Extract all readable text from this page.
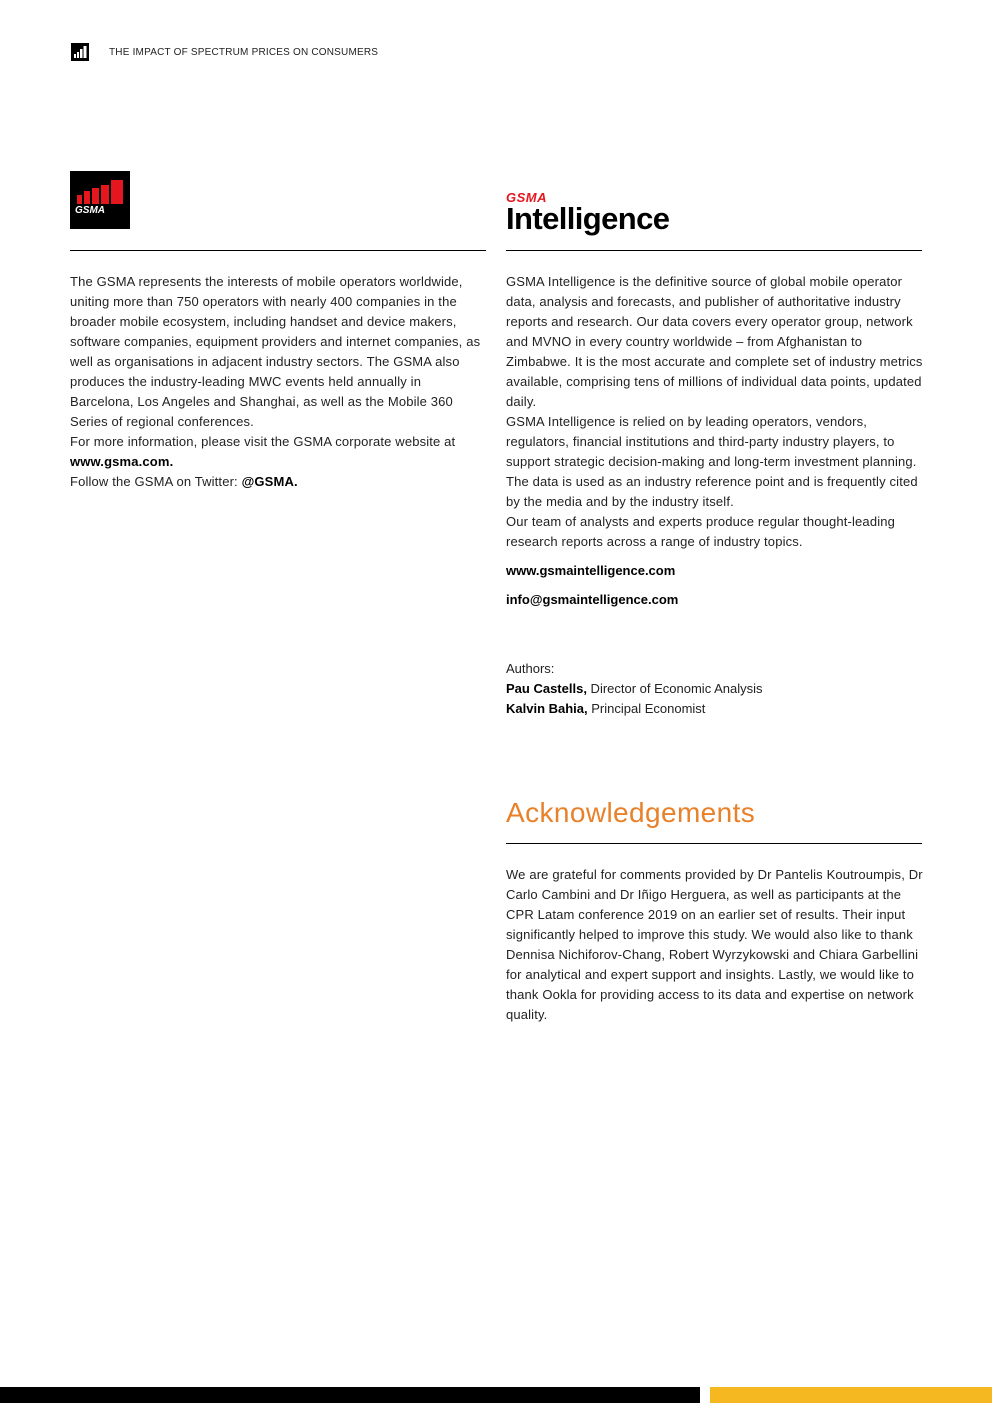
THE IMPACT OF SPECTRUM PRICES ON CONSUMERS
GSMA

The GSMA represents the interests of mobile operators worldwide, uniting more than 750 operators with nearly 400 companies in the broader mobile ecosystem, including handset and device makers, software companies, equipment providers and internet companies, as well as organisations in adjacent industry sectors. The GSMA also produces the industry-leading MWC events held annually in Barcelona, Los Angeles and Shanghai, as well as the Mobile 360 Series of regional conferences.

For more information, please visit the GSMA corporate website at www.gsma.com.

Follow the GSMA on Twitter: @GSMA.

GSMA
Intelligence

GSMA Intelligence is the definitive source of global mobile operator data, analysis and forecasts, and publisher of authoritative industry reports and research. Our data covers every operator group, network and MVNO in every country worldwide – from Afghanistan to Zimbabwe. It is the most accurate and complete set of industry metrics available, comprising tens of millions of individual data points, updated daily.

GSMA Intelligence is relied on by leading operators, vendors, regulators, financial institutions and third-party industry players, to support strategic decision-making and long-term investment planning. The data is used as an industry reference point and is frequently cited by the media and by the industry itself.

Our team of analysts and experts produce regular thought-leading research reports across a range of industry topics.

www.gsmaintelligence.com
info@gsmaintelligence.com
Authors:
Pau Castells, Director of Economic Analysis
Kalvin Bahia, Principal Economist
Acknowledgements
We are grateful for comments provided by Dr Pantelis Koutroumpis, Dr Carlo Cambini and Dr Iñigo Herguera, as well as participants at the CPR Latam conference 2019 on an earlier set of results. Their input significantly helped to improve this study. We would also like to thank Dennisa Nichiforov-Chang, Robert Wyrzykowski and Chiara Garbellini for analytical and expert support and insights. Lastly, we would like to thank Ookla for providing access to its data and expertise on network quality.
